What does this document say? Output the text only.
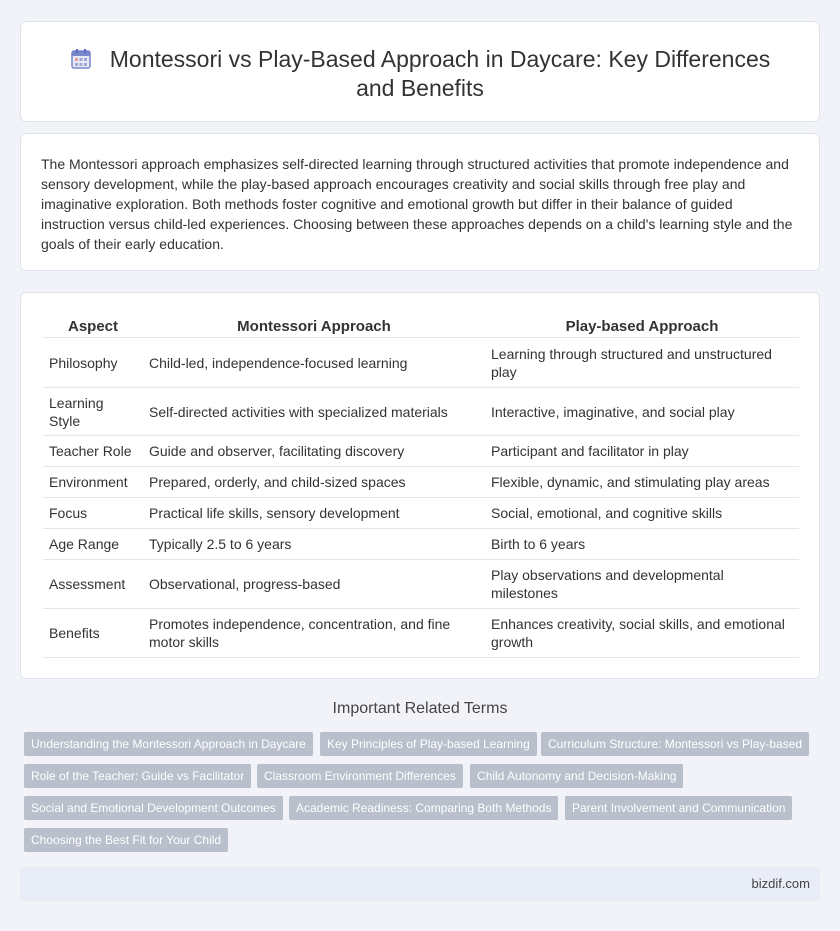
Montessori vs Play-Based Approach in Daycare: Key Differences and Benefits

The Montessori approach emphasizes self-directed learning through structured activities that promote independence and sensory development, while the play-based approach encourages creativity and social skills through free play and imaginative exploration. Both methods foster cognitive and emotional growth but differ in their balance of guided instruction versus child-led experiences. Choosing between these approaches depends on a child's learning style and the goals of their early education.

Aspect	Montessori Approach	Play-based Approach
Philosophy	Child-led, independence-focused learning	Learning through structured and unstructured play
Learning Style	Self-directed activities with specialized materials	Interactive, imaginative, and social play
Teacher Role	Guide and observer, facilitating discovery	Participant and facilitator in play
Environment	Prepared, orderly, and child-sized spaces	Flexible, dynamic, and stimulating play areas
Focus	Practical life skills, sensory development	Social, emotional, and cognitive skills
Age Range	Typically 2.5 to 6 years	Birth to 6 years
Assessment	Observational, progress-based	Play observations and developmental milestones
Benefits	Promotes independence, concentration, and fine motor skills	Enhances creativity, social skills, and emotional growth
Important Related Terms
Understanding the Montessori Approach in Daycare	Key Principles of Play-based Learning	Curriculum Structure: Montessori vs Play-based
Role of the Teacher: Guide vs Facilitator	Classroom Environment Differences	Child Autonomy and Decision-Making
Social and Emotional Development Outcomes	Academic Readiness: Comparing Both Methods	Parent Involvement and Communication
Choosing the Best Fit for Your Child
bizdif.com
